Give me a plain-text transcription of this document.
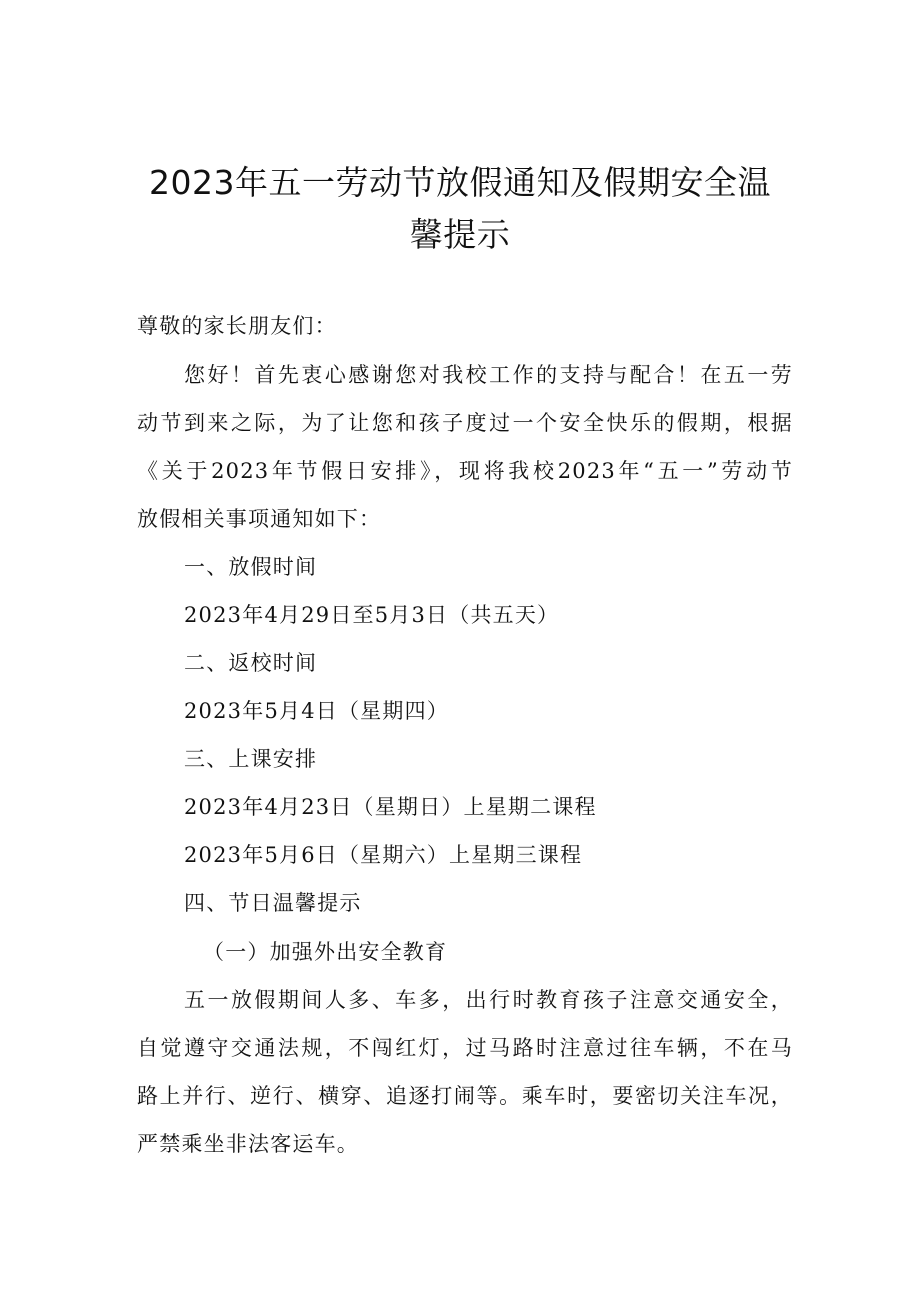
2023年五一劳动节放假通知及假期安全温
馨提示
尊敬的家长朋友们：
您好！首先衷心感谢您对我校工作的支持与配合！在五一劳
动节到来之际，为了让您和孩子度过一个安全快乐的假期，根据
《关于2023年节假日安排》，现将我校2023年“五一”劳动节
放假相关事项通知如下：
一、放假时间
2023年4月29日至5月3日（共五天）
二、返校时间
2023年5月4日（星期四）
三、上课安排
2023年4月23日（星期日）上星期二课程
2023年5月6日（星期六）上星期三课程
四、节日温馨提示
（一）加强外出安全教育
五一放假期间人多、车多，出行时教育孩子注意交通安全，
自觉遵守交通法规，不闯红灯，过马路时注意过往车辆，不在马
路上并行、逆行、横穿、追逐打闹等。乘车时，要密切关注车况，
严禁乘坐非法客运车。
